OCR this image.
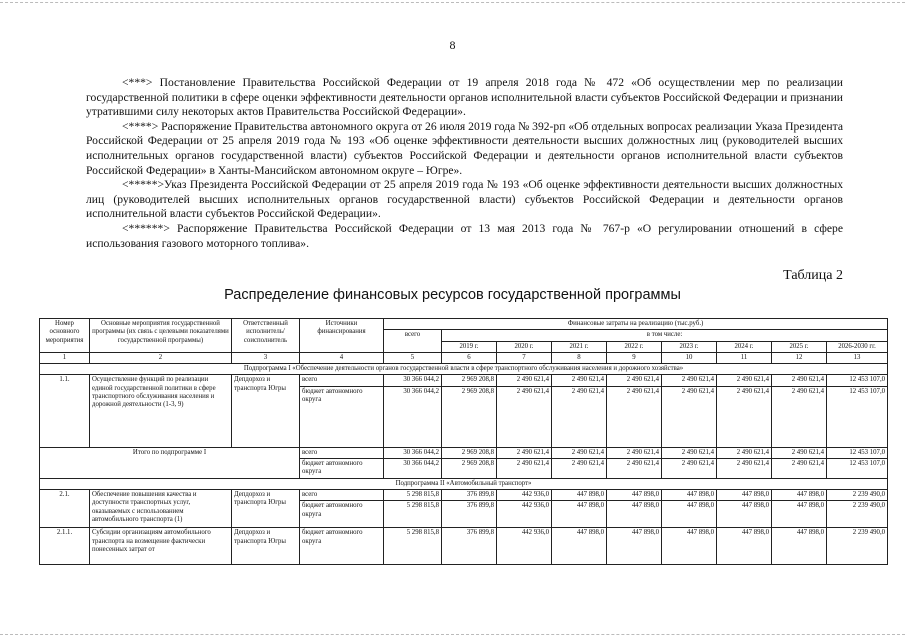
8

<***> Постановление Правительства Российской Федерации от 19 апреля 2018 года № 472 «Об осуществлении мер по реализации государственной политики в сфере оценки эффективности деятельности органов исполнительной власти субъектов Российской Федерации и признании утратившими силу некоторых актов Правительства Российской Федерации».

<****> Распоряжение Правительства автономного округа от 26 июля 2019 года № 392-рп «Об отдельных вопросах реализации Указа Президента Российской Федерации от 25 апреля 2019 года № 193 «Об оценке эффективности деятельности высших должностных лиц (руководителей высших исполнительных органов государственной власти) субъектов Российской Федерации и деятельности органов исполнительной власти субъектов Российской Федерации» в Ханты-Мансийском автономном округе – Югре».

<*****>Указ Президента Российской Федерации от 25 апреля 2019 года № 193 «Об оценке эффективности деятельности высших должностных лиц (руководителей высших исполнительных органов государственной власти) субъектов Российской Федерации и деятельности органов исполнительной власти субъектов Российской Федерации».

<******> Распоряжение Правительства Российской Федерации от 13 мая 2013 года № 767-р «О регулировании отношений в сфере использования газового моторного топлива».

Таблица 2
Распределение финансовых ресурсов государственной программы
Номер основного мероприятия	Основные мероприятия государственной программы (их связь с целевыми показателями государственной программы)	Ответственный исполнитель/ соисполнитель	Источники финансирования	Финансовые затраты на реализацию (тыс.руб.)								
				всего	в том числе:							
					2019 г.	2020 г.	2021 г.	2022 г.	2023 г.	2024 г.	2025 г.	2026-2030 гг.
1	2	3	4	5	6	7	8	9	10	11	12	13
Подпрограмма I «Обеспечение деятельности органов государственной власти в сфере транспортного обслуживания населения и дорожного хозяйства»												
1.1.	Осуществление функций по реализации единой государственной политики в сфере транспортного обслуживания населения и дорожной деятельности (1-3, 9)	Депдорхоз и транспорта Югры	всего	30 366 044,2	2 969 208,8	2 490 621,4	2 490 621,4	2 490 621,4	2 490 621,4	2 490 621,4	2 490 621,4	12 453 107,0
			бюджет автономного округа	30 366 044,2	2 969 208,8	2 490 621,4	2 490 621,4	2 490 621,4	2 490 621,4	2 490 621,4	2 490 621,4	12 453 107,0
Итого по подпрограмме I			всего	30 366 044,2	2 969 208,8	2 490 621,4	2 490 621,4	2 490 621,4	2 490 621,4	2 490 621,4	2 490 621,4	12 453 107,0
			бюджет автономного округа	30 366 044,2	2 969 208,8	2 490 621,4	2 490 621,4	2 490 621,4	2 490 621,4	2 490 621,4	2 490 621,4	12 453 107,0
Подпрограмма II «Автомобильный транспорт»												
2.1.	Обеспечение повышения качества и доступности транспортных услуг, оказываемых с использованием автомобильного транспорта (1)	Депдорхоз и транспорта Югры	всего	5 298 815,8	376 899,8	442 936,0	447 898,0	447 898,0	447 898,0	447 898,0	447 898,0	2 239 490,0
			бюджет автономного округа	5 298 815,8	376 899,8	442 936,0	447 898,0	447 898,0	447 898,0	447 898,0	447 898,0	2 239 490,0
2.1.1.	Субсидии организациям автомобильного транспорта на возмещение фактически понесенных затрат от	Депдорхоз и транспорта Югры	бюджет автономного округа	5 298 815,8	376 899,8	442 936,0	447 898,0	447 898,0	447 898,0	447 898,0	447 898,0	2 239 490,0
